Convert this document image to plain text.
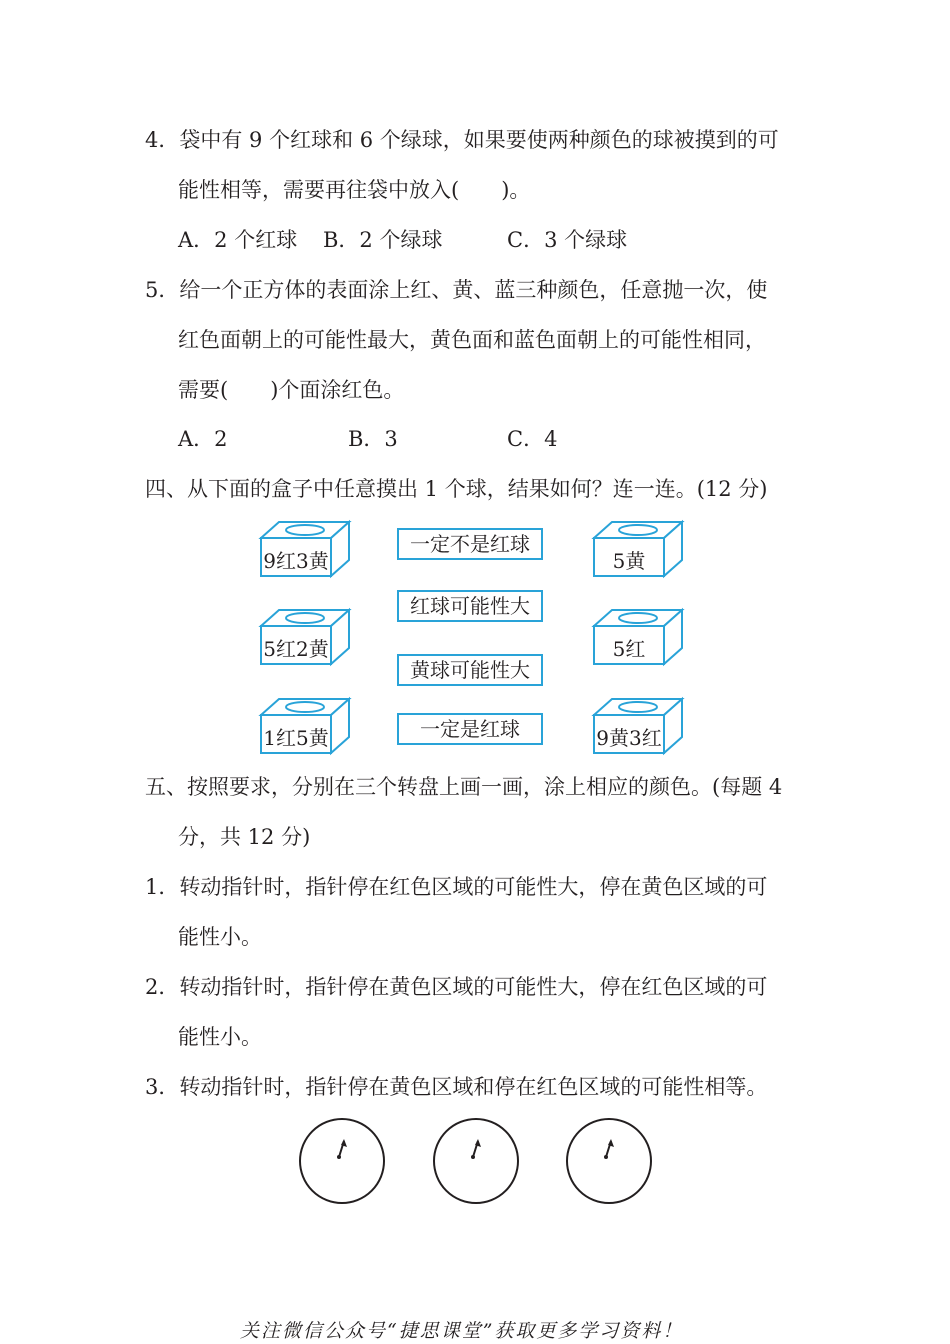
4．袋中有 9 个红球和 6 个绿球，如果要使两种颜色的球被摸到的可
能性相等，需要再往袋中放入(　　)。
A．2 个红球 B．2 个绿球	C．3 个绿球
5．给一个正方体的表面涂上红、黄、蓝三种颜色，任意抛一次，使
红色面朝上的可能性最大，黄色面和蓝色面朝上的可能性相同，
需要(　　)个面涂红色。
A．2	B．3	C．4
四、从下面的盒子中任意摸出 1 个球，结果如何？连一连。(12 分)
9红3黄
5红2黄
1红5黄
一定不是红球
红球可能性大
黄球可能性大
一定是红球
5黄
5红
9黄3红
五、按照要求，分别在三个转盘上画一画，涂上相应的颜色。(每题 4
分，共 12 分)
1．转动指针时，指针停在红色区域的可能性大，停在黄色区域的可
能性小。
2．转动指针时，指针停在黄色区域的可能性大，停在红色区域的可
能性小。
3．转动指针时，指针停在黄色区域和停在红色区域的可能性相等。
关注微信公众号“捷思课堂”获取更多学习资料！
